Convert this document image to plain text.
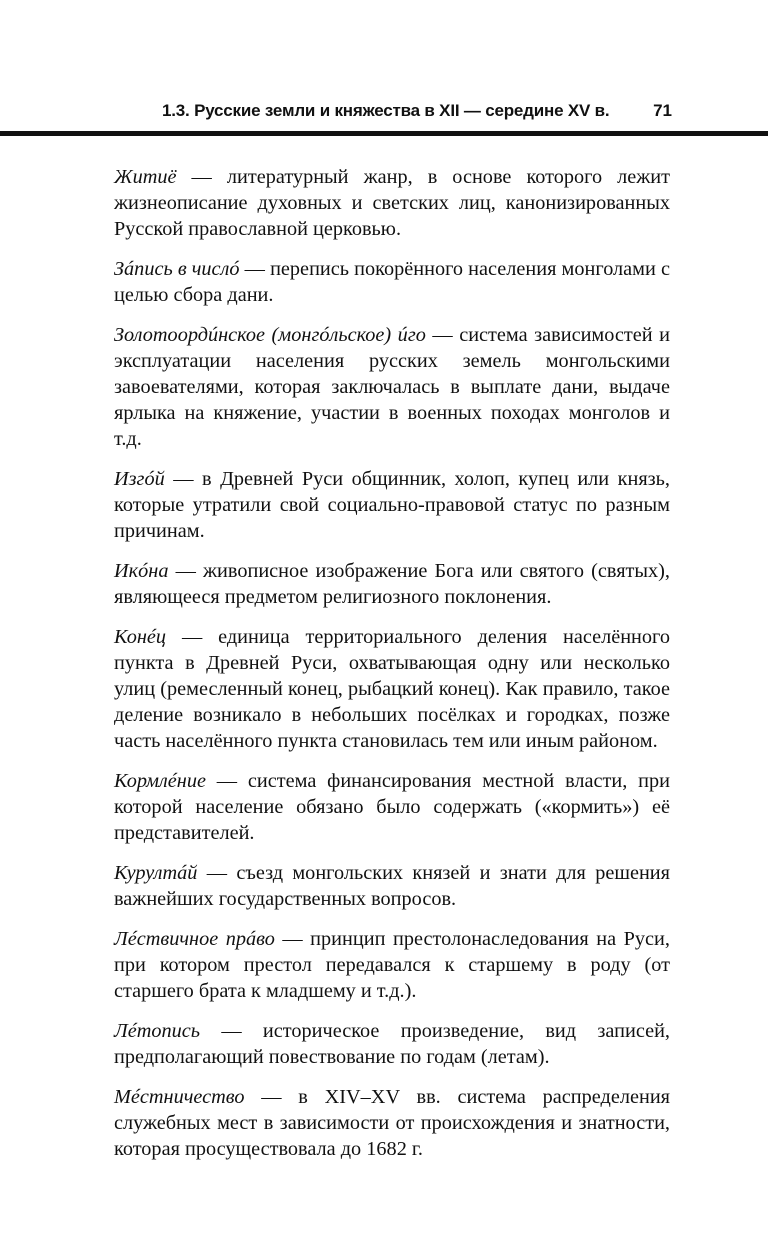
1.3. Русские земли и княжества в XII — середине XV в.	71

Житиё — литературный жанр, в основе которого лежит жизнеописание духовных и светских лиц, канонизированных Русской православной церковью.

Зáпись в числó — перепись покорённого населения монголами с целью сбора дани.

Золотоордúнское (монгóльское) úго — система зависимостей и эксплуатации населения русских земель монгольскими завоевателями, которая заключалась в выплате дани, выдаче ярлыка на княжение, участии в военных походах монголов и т.д.

Изгóй — в Древней Руси общинник, холоп, купец или князь, которые утратили свой социально-правовой статус по разным причинам.

Икóна — живописное изображение Бога или святого (святых), являющееся предметом религиозного поклонения.

Конéц — единица территориального деления населённого пункта в Древней Руси, охватывающая одну или несколько улиц (ремесленный конец, рыбацкий конец). Как правило, такое деление возникало в небольших посёлках и городках, позже часть населённого пункта становилась тем или иным районом.

Кормлéние — система финансирования местной власти, при которой население обязано было содержать («кормить») её представителей.

Курултáй — съезд монгольских князей и знати для решения важнейших государственных вопросов.

Лéствичное прáво — принцип престолонаследования на Руси, при котором престол передавался к старшему в роду (от старшего брата к младшему и т.д.).

Лéтопись — историческое произведение, вид записей, предполагающий повествование по годам (летам).

Мéстничество — в XIV–XV вв. система распределения служебных мест в зависимости от происхождения и знатности, которая просуществовала до 1682 г.
